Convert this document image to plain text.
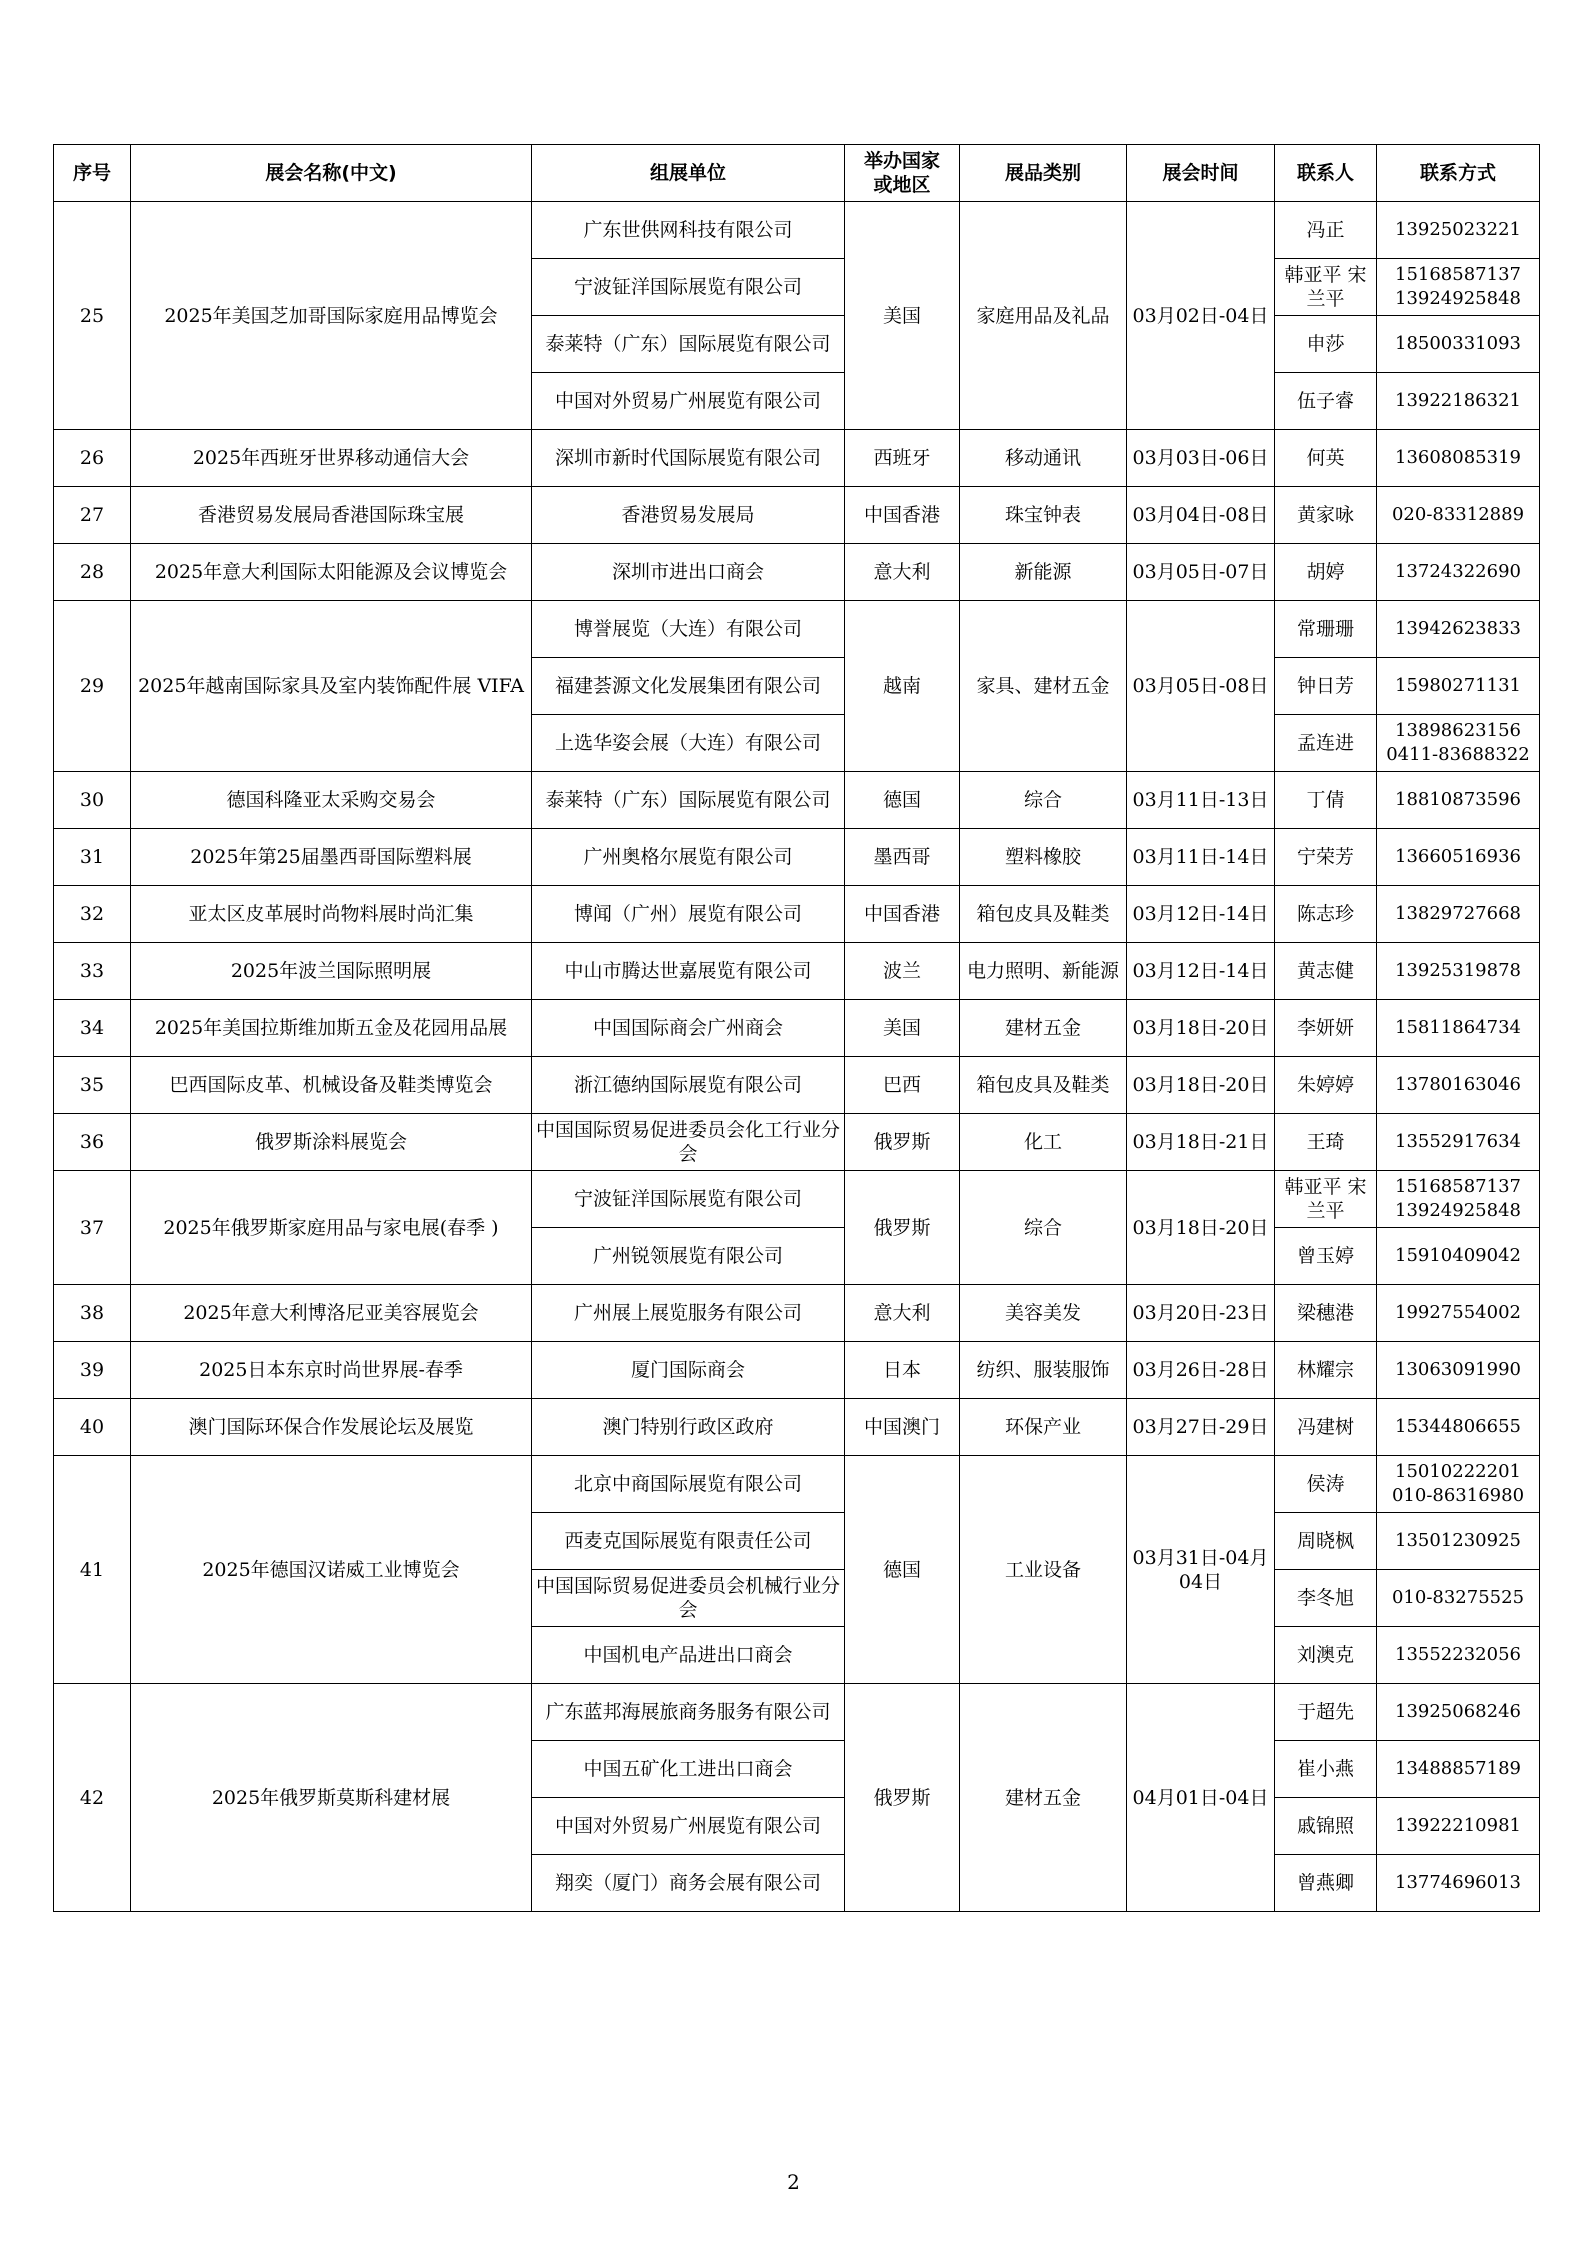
序号	展会名称(中文)	组展单位	举办国家或地区	展品类别	展会时间	联系人	联系方式
25	2025年美国芝加哥国际家庭用品博览会	广东世供网科技有限公司	美国	家庭用品及礼品	03月02日-04日	冯正	13925023221
		宁波钲洋国际展览有限公司				韩亚平 宋兰平	15168587137 13924925848
		泰莱特（广东）国际展览有限公司				申莎	18500331093
		中国对外贸易广州展览有限公司				伍子睿	13922186321
26	2025年西班牙世界移动通信大会	深圳市新时代国际展览有限公司	西班牙	移动通讯	03月03日-06日	何英	13608085319
27	香港贸易发展局香港国际珠宝展	香港贸易发展局	中国香港	珠宝钟表	03月04日-08日	黄家咏	020-83312889
28	2025年意大利国际太阳能源及会议博览会	深圳市进出口商会	意大利	新能源	03月05日-07日	胡婷	13724322690
29	2025年越南国际家具及室内装饰配件展 VIFA	博誉展览（大连）有限公司	越南	家具、建材五金	03月05日-08日	常珊珊	13942623833
		福建荟源文化发展集团有限公司				钟日芳	15980271131
		上选华姿会展（大连）有限公司				孟连进	13898623156 0411-83688322
30	德国科隆亚太采购交易会	泰莱特（广东）国际展览有限公司	德国	综合	03月11日-13日	丁倩	18810873596
31	2025年第25届墨西哥国际塑料展	广州奥格尔展览有限公司	墨西哥	塑料橡胶	03月11日-14日	宁荣芳	13660516936
32	亚太区皮革展时尚物料展时尚汇集	博闻（广州）展览有限公司	中国香港	箱包皮具及鞋类	03月12日-14日	陈志珍	13829727668
33	2025年波兰国际照明展	中山市腾达世嘉展览有限公司	波兰	电力照明、新能源	03月12日-14日	黄志健	13925319878
34	2025年美国拉斯维加斯五金及花园用品展	中国国际商会广州商会	美国	建材五金	03月18日-20日	李妍妍	15811864734
35	巴西国际皮革、机械设备及鞋类博览会	浙江德纳国际展览有限公司	巴西	箱包皮具及鞋类	03月18日-20日	朱婷婷	13780163046
36	俄罗斯涂料展览会	中国国际贸易促进委员会化工行业分会	俄罗斯	化工	03月18日-21日	王琦	13552917634
37	2025年俄罗斯家庭用品与家电展(春季 )	宁波钲洋国际展览有限公司	俄罗斯	综合	03月18日-20日	韩亚平 宋兰平	15168587137 13924925848
		广州锐领展览有限公司				曾玉婷	15910409042
38	2025年意大利博洛尼亚美容展览会	广州展上展览服务有限公司	意大利	美容美发	03月20日-23日	梁穗港	19927554002
39	2025日本东京时尚世界展-春季	厦门国际商会	日本	纺织、服装服饰	03月26日-28日	林耀宗	13063091990
40	澳门国际环保合作发展论坛及展览	澳门特别行政区政府	中国澳门	环保产业	03月27日-29日	冯建树	15344806655
41	2025年德国汉诺威工业博览会	北京中商国际展览有限公司	德国	工业设备	03月31日-04月04日	侯涛	15010222201 010-86316980
		西麦克国际展览有限责任公司				周晓枫	13501230925
		中国国际贸易促进委员会机械行业分会				李冬旭	010-83275525
		中国机电产品进出口商会				刘澳克	13552232056
42	2025年俄罗斯莫斯科建材展	广东蓝邦海展旅商务服务有限公司	俄罗斯	建材五金	04月01日-04日	于超先	13925068246
		中国五矿化工进出口商会				崔小燕	13488857189
		中国对外贸易广州展览有限公司				戚锦照	13922210981
		翔奕（厦门）商务会展有限公司				曾燕卿	13774696013
2
